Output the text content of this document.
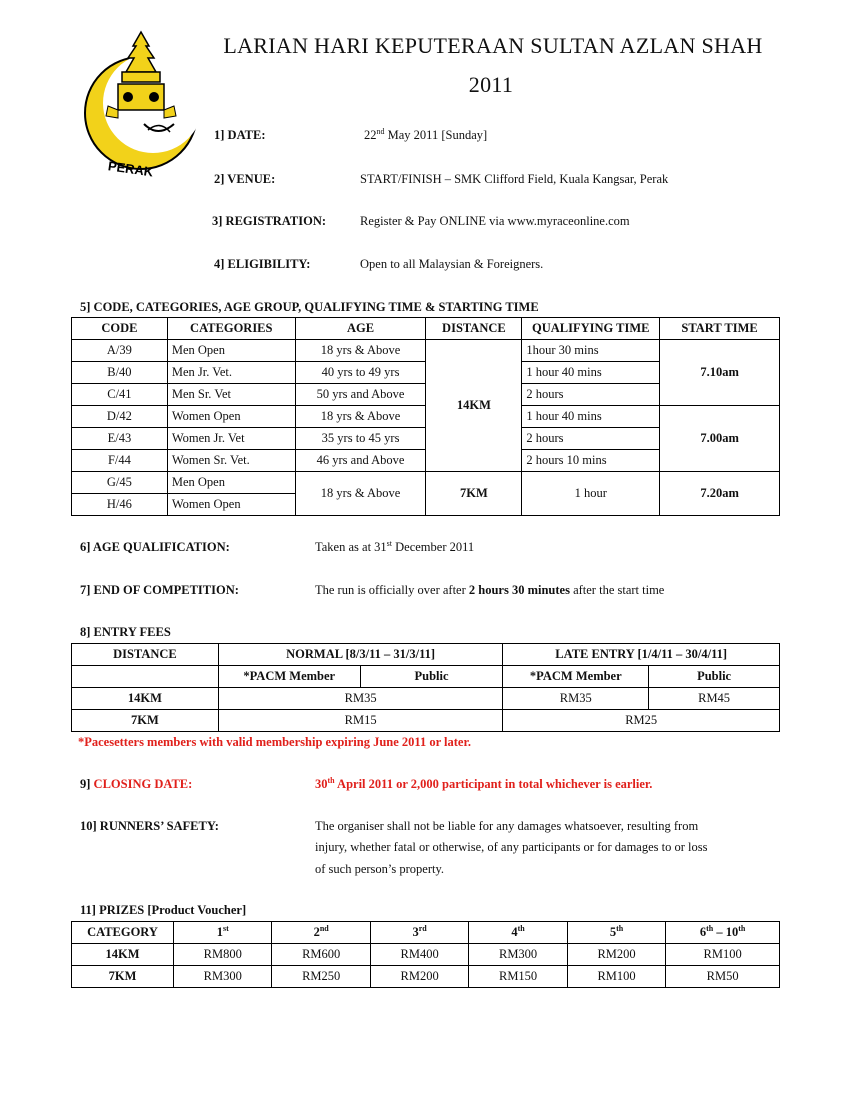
PERAK
LARIAN HARI KEPUTERAAN SULTAN AZLAN SHAH
2011
1] DATE:	22nd May 2011 [Sunday]
2] VENUE:	START/FINISH – SMK Clifford Field, Kuala Kangsar, Perak
3] REGISTRATION:	Register & Pay ONLINE via www.myraceonline.com
4] ELIGIBILITY:	Open to all Malaysian & Foreigners.
5] CODE, CATEGORIES, AGE GROUP, QUALIFYING TIME & STARTING TIME
CODE	CATEGORIES	AGE	DISTANCE	QUALIFYING TIME	START TIME
A/39	Men Open	18 yrs & Above	14KM	1hour 30 mins	7.10am
B/40	Men Jr. Vet.	40 yrs to 49 yrs		1 hour 40 mins	
C/41	Men Sr. Vet	50 yrs and Above		2 hours	
D/42	Women Open	18 yrs & Above		1 hour 40 mins	7.00am
E/43	Women Jr. Vet	35 yrs to 45 yrs		2 hours	
F/44	Women Sr. Vet.	46 yrs and Above		2 hours 10 mins	
G/45	Men Open	18 yrs & Above	7KM	1 hour	7.20am
H/46	Women Open				
6] AGE QUALIFICATION:	Taken as at 31st December 2011
7] END OF COMPETITION:	The run is officially over after 2 hours 30 minutes after the start time
8] ENTRY FEES
DISTANCE	NORMAL [8/3/11 – 31/3/11]		LATE ENTRY [1/4/11 – 30/4/11]	
	*PACM Member	Public	*PACM Member	Public
14KM	RM35		RM35	RM45
7KM	RM15		RM25	
*Pacesetters members with valid membership expiring June 2011 or later.
9] CLOSING DATE:	30th April 2011 or 2,000 participant in total whichever is earlier.
10] RUNNERS’ SAFETY:	The organiser shall not be liable for any damages whatsoever, resulting from
injury, whether fatal or otherwise, of any participants or for damages to or loss
of such person’s property.
11] PRIZES [Product Voucher]
CATEGORY	1st	2nd	3rd	4th	5th	6th – 10th
14KM	RM800	RM600	RM400	RM300	RM200	RM100
7KM	RM300	RM250	RM200	RM150	RM100	RM50
